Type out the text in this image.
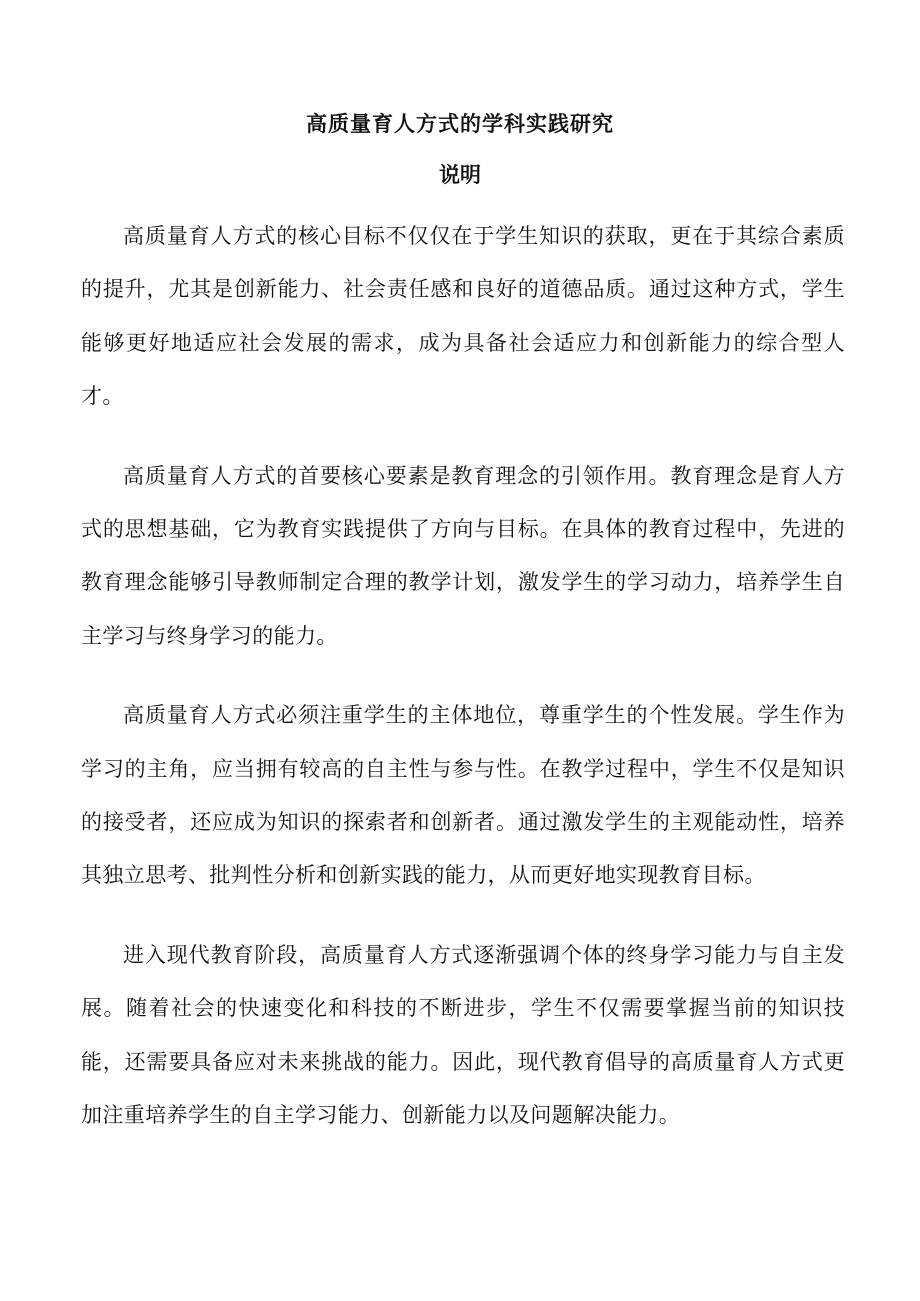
高质量育人方式的学科实践研究
说明

高质量育人方式的核心目标不仅仅在于学生知识的获取，更在于其综合素质的提升，尤其是创新能力、社会责任感和良好的道德品质。通过这种方式，学生能够更好地适应社会发展的需求，成为具备社会适应力和创新能力的综合型人才。

高质量育人方式的首要核心要素是教育理念的引领作用。教育理念是育人方式的思想基础，它为教育实践提供了方向与目标。在具体的教育过程中，先进的教育理念能够引导教师制定合理的教学计划，激发学生的学习动力，培养学生自主学习与终身学习的能力。

高质量育人方式必须注重学生的主体地位，尊重学生的个性发展。学生作为学习的主角，应当拥有较高的自主性与参与性。在教学过程中，学生不仅是知识的接受者，还应成为知识的探索者和创新者。通过激发学生的主观能动性，培养其独立思考、批判性分析和创新实践的能力，从而更好地实现教育目标。

进入现代教育阶段，高质量育人方式逐渐强调个体的终身学习能力与自主发展。随着社会的快速变化和科技的不断进步，学生不仅需要掌握当前的知识技能，还需要具备应对未来挑战的能力。因此，现代教育倡导的高质量育人方式更加注重培养学生的自主学习能力、创新能力以及问题解决能力。
